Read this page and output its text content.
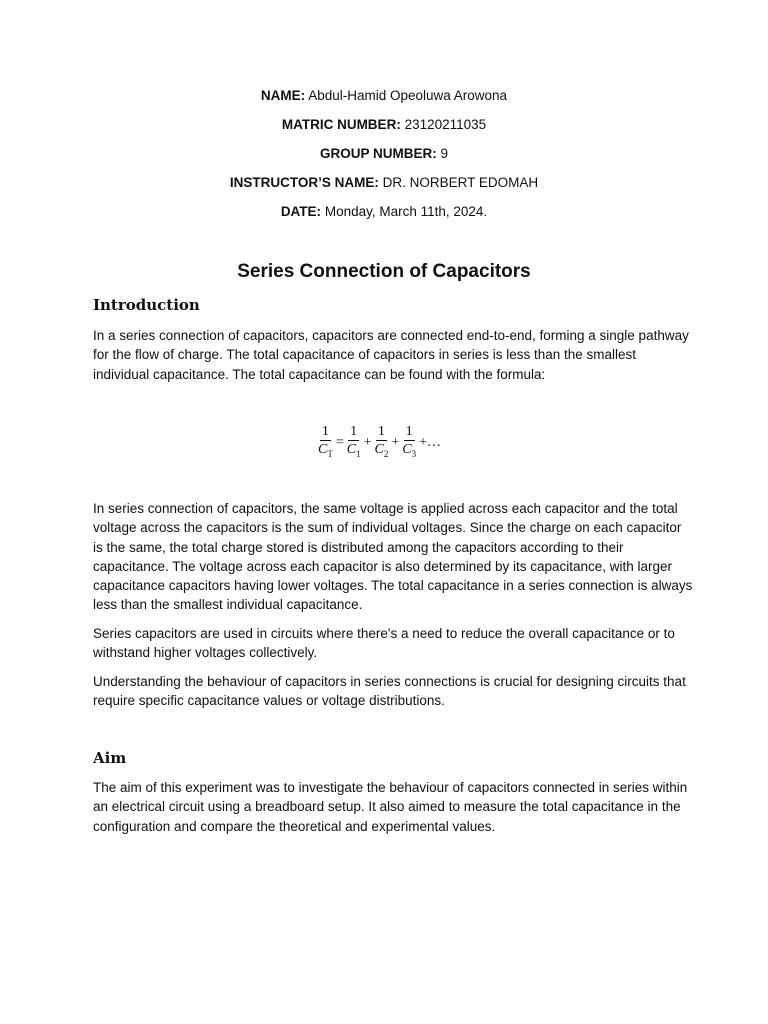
NAME: Abdul-Hamid Opeoluwa Arowona
MATRIC NUMBER: 23120211035
GROUP NUMBER: 9
INSTRUCTOR’S NAME: DR. NORBERT EDOMAH
DATE: Monday, March 11th, 2024.
Series Connection of Capacitors
Introduction
In a series connection of capacitors, capacitors are connected end-to-end, forming a single pathway for the flow of charge. The total capacitance of capacitors in series is less than the smallest individual capacitance. The total capacitance can be found with the formula:
$\frac{1}{C_T} = \frac{1}{C_1} + \frac{1}{C_2} + \frac{1}{C_3}$ +…
In series connection of capacitors, the same voltage is applied across each capacitor and the total voltage across the capacitors is the sum of individual voltages. Since the charge on each capacitor is the same, the total charge stored is distributed among the capacitors according to their capacitance. The voltage across each capacitor is also determined by its capacitance, with larger capacitance capacitors having lower voltages. The total capacitance in a series connection is always less than the smallest individual capacitance.
Series capacitors are used in circuits where there's a need to reduce the overall capacitance or to withstand higher voltages collectively.
Understanding the behaviour of capacitors in series connections is crucial for designing circuits that require specific capacitance values or voltage distributions.
Aim
The aim of this experiment was to investigate the behaviour of capacitors connected in series within an electrical circuit using a breadboard setup. It also aimed to measure the total capacitance in the configuration and compare the theoretical and experimental values.
